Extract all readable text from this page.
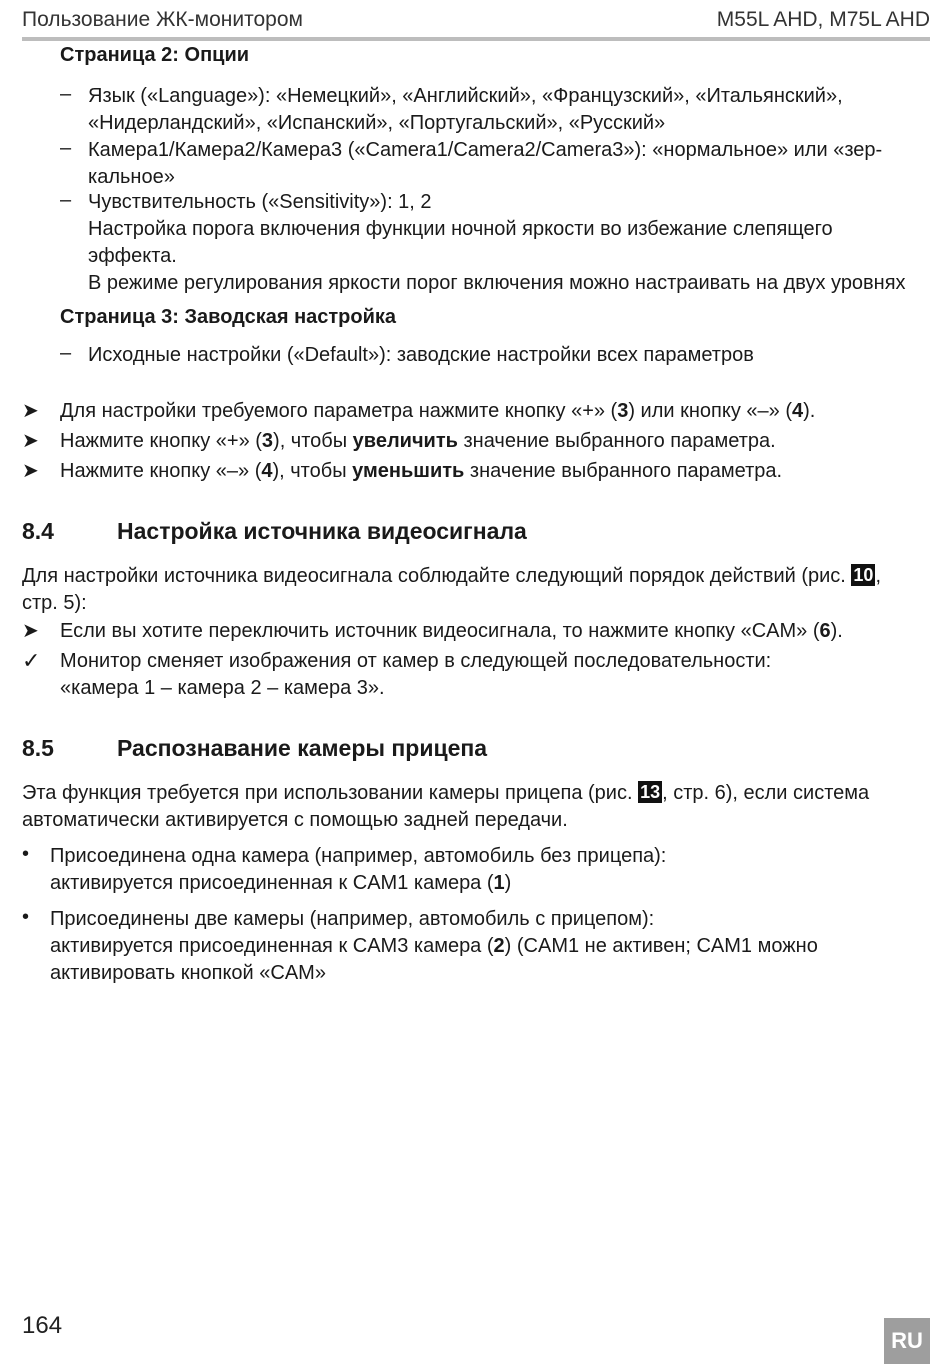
Пользование ЖК-монитором	M55L AHD, M75L AHD
Страница 2: Опции
– Язык («Language»): «Немецкий», «Английский», «Французский», «Итальянский»,
«Нидерландский», «Испанский», «Португальский», «Русский»
– Камера1/Камера2/Камера3 («Camera1/Camera2/Camera3»): «нормальное» или «зер-
кальное»
– Чувствительность («Sensitivity»): 1, 2
Настройка порога включения функции ночной яркости во избежание слепящего
эффекта.
В режиме регулирования яркости порог включения можно настраивать на двух уровнях
Страница 3: Заводская настройка
– Исходные настройки («Default»): заводские настройки всех параметров
➤ Для настройки требуемого параметра нажмите кнопку «+» (3) или кнопку «–» (4).
➤ Нажмите кнопку «+» (3), чтобы увеличить значение выбранного параметра.
➤ Нажмите кнопку «–» (4), чтобы уменьшить значение выбранного параметра.
8.4	Настройка источника видеосигнала
Для настройки источника видеосигнала соблюдайте следующий порядок действий (рис. 10 ,
стр. 5):
➤ Если вы хотите переключить источник видеосигнала, то нажмите кнопку «CAM» (6).
✓ Монитор сменяет изображения от камер в следующей последовательности:
«камера 1 – камера 2 – камера 3».
8.5	Распознавание камеры прицепа
Эта функция требуется при использовании камеры прицепа (рис. 13 , стр. 6), если система
автоматически активируется с помощью задней передачи.
• Присоединена одна камера (например, автомобиль без прицепа):
активируется присоединенная к CAM1 камера (1)
• Присоединены две камеры (например, автомобиль с прицепом):
активируется присоединенная к CAM3 камера (2) (CAM1 не активен; CAM1 можно
активировать кнопкой «CAM»
164
RU
